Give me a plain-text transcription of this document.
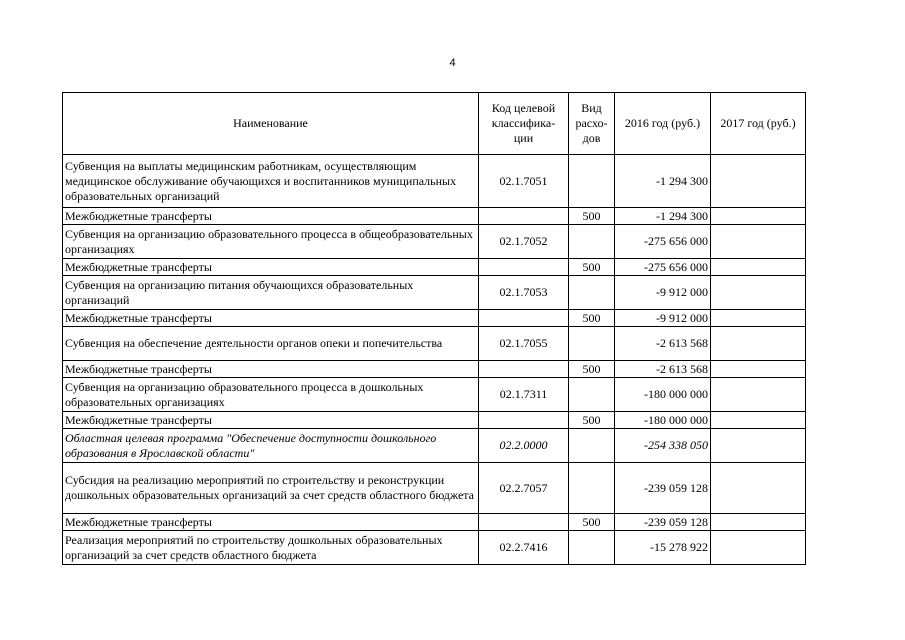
4
Наименование	Код целевой классифика-ции	Вид расхо-дов	2016 год (руб.)	2017 год (руб.)
Субвенция на выплаты медицинским работникам, осуществляющим медицинское обслуживание обучающихся и воспитанников муниципальных образовательных организаций	02.1.7051		-1 294 300	
Межбюджетные трансферты		500	-1 294 300	
Субвенция на организацию образовательного процесса в общеобразовательных организациях	02.1.7052		-275 656 000	
Межбюджетные трансферты		500	-275 656 000	
Субвенция на организацию питания обучающихся образовательных организаций	02.1.7053		-9 912 000	
Межбюджетные трансферты		500	-9 912 000	
Субвенция на обеспечение деятельности органов опеки и попечительства	02.1.7055		-2 613 568	
Межбюджетные трансферты		500	-2 613 568	
Субвенция на организацию образовательного процесса в дошкольных образовательных организациях	02.1.7311		-180 000 000	
Межбюджетные трансферты		500	-180 000 000	
Областная целевая программа "Обеспечение доступности дошкольного образования в Ярославской области"	02.2.0000		-254 338 050	
Субсидия на реализацию мероприятий по строительству и реконструкции дошкольных образовательных организаций за счет средств областного бюджета	02.2.7057		-239 059 128	
Межбюджетные трансферты		500	-239 059 128	
Реализация мероприятий по строительству дошкольных образовательных организаций за счет средств областного бюджета	02.2.7416		-15 278 922	
